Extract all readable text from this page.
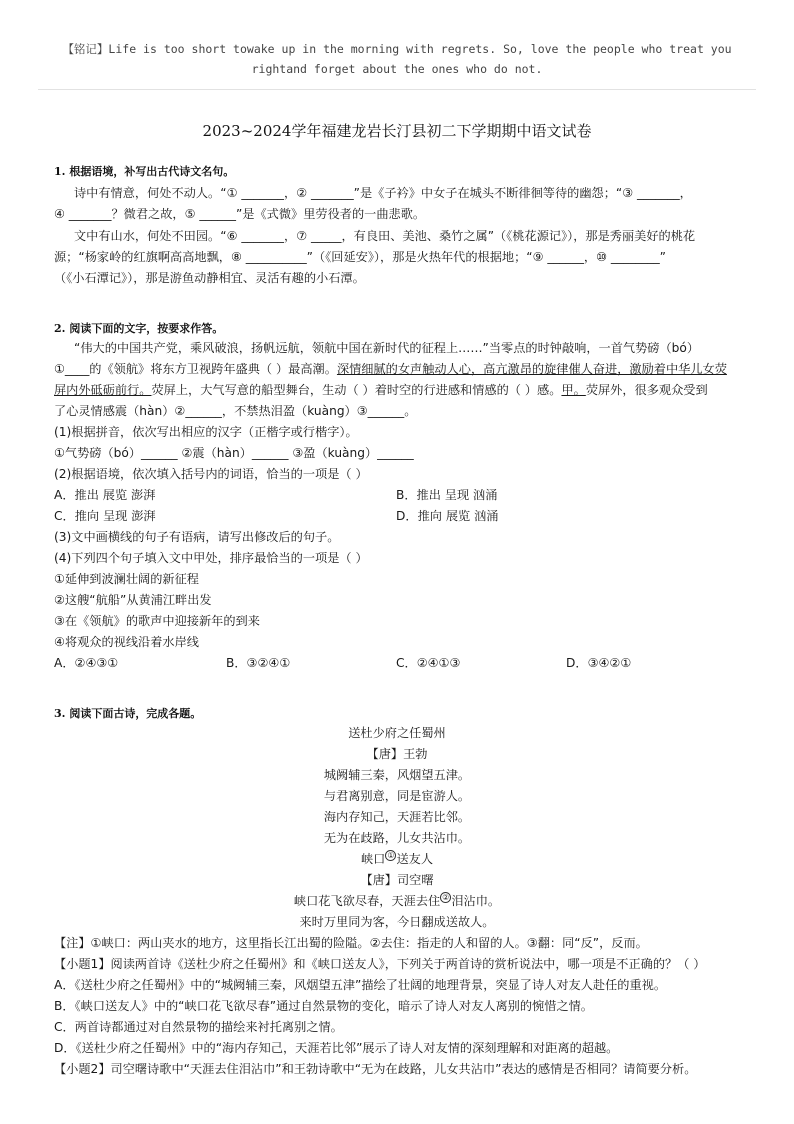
【铭记】Life is too short towake up in the morning with regrets. So, love the people who treat you
rightand forget about the ones who do not.
2023~2024学年福建龙岩长汀县初二下学期期中语文试卷
1. 根据语境，补写出古代诗文名句。
诗中有情意，何处不动人。“① _______，② _______”是《子衿》中女子在城头不断徘徊等待的幽怨；“③ _______，
④ _______？微君之故，⑤ ______”是《式微》里劳役者的一曲悲歌。
文中有山水，何处不田园。“⑥ _______，⑦ _____，有良田、美池、桑竹之属”（《桃花源记》），那是秀丽美好的桃花
源；“杨家岭的红旗啊高高地飘，⑧ __________”（《回延安》），那是火热年代的根据地；“⑨ ______，⑩ ________”
（《小石潭记》），那是游鱼动静相宜、灵活有趣的小石潭。
2. 阅读下面的文字，按要求作答。
“伟大的中国共产党，乘风破浪，扬帆远航，领航中国在新时代的征程上……”当零点的时钟敲响，一首气势磅（bó）
①____的《领航》将东方卫视跨年盛典（ ）最高潮。深情细腻的女声触动人心，高亢激昂的旋律催人奋进，激励着中华儿女荧
屏内外砥砺前行。荧屏上，大气写意的船型舞台，生动（ ）着时空的行进感和情感的（ ）感。甲。荧屏外，很多观众受到
了心灵情感震（hàn）②______，不禁热泪盈（kuàng）③______。
(1)根据拼音，依次写出相应的汉字（正楷字或行楷字）。
①气势磅（bó）______ ②震（hàn）______ ③盈（kuàng）______
(2)根据语境，依次填入括号内的词语，恰当的一项是（ ）
A．推出 展览 澎湃	B．推出 呈现 汹涌
C．推向 呈现 澎湃	D．推向 展览 汹涌
(3)文中画横线的句子有语病，请写出修改后的句子。
(4)下列四个句子填入文中甲处，排序最恰当的一项是（ ）
①延伸到波澜壮阔的新征程
②这艘“航船”从黄浦江畔出发
③在《领航》的歌声中迎接新年的到来
④将观众的视线沿着水岸线
A．②④③①	B．③②④①	C．②④①③	D．③④②①
3. 阅读下面古诗，完成各题。
送杜少府之任蜀州
【唐】王勃
城阙辅三秦，风烟望五津。
与君离别意，同是宦游人。
海内存知己，天涯若比邻。
无为在歧路，儿女共沾巾。
峡口 ① 送友人
【唐】司空曙
峡口花飞欲尽春，天涯去住 ② 泪沾巾。
来时万里同为客，今日翻成送故人。
【注】①峡口：两山夹水的地方，这里指长江出蜀的险隘。②去住：指走的人和留的人。③翻：同“反”，反而。
【小题1】阅读两首诗《送杜少府之任蜀州》和《峡口送友人》，下列关于两首诗的赏析说法中，哪一项是不正确的？（ ）
A．《送杜少府之任蜀州》中的“城阙辅三秦，风烟望五津”描绘了壮阔的地理背景，突显了诗人对友人赴任的重视。
B．《峡口送友人》中的“峡口花飞欲尽春”通过自然景物的变化，暗示了诗人对友人离别的惋惜之情。
C．两首诗都通过对自然景物的描绘来衬托离别之情。
D．《送杜少府之任蜀州》中的“海内存知己，天涯若比邻”展示了诗人对友情的深刻理解和对距离的超越。
【小题2】司空曙诗歌中“天涯去住泪沾巾”和王勃诗歌中“无为在歧路，儿女共沾巾”表达的感情是否相同？请简要分析。
